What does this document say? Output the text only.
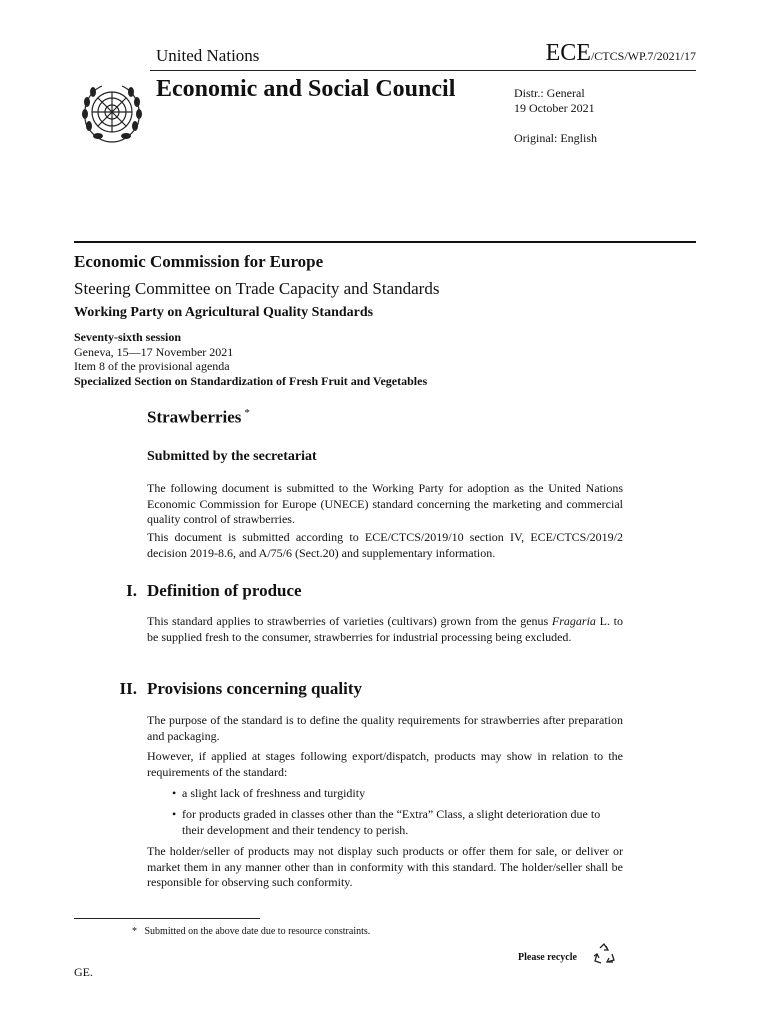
United Nations	ECE/CTCS/WP.7/2021/17
Economic and Social Council	Distr.: General
19 October 2021
Original: English
Economic Commission for Europe
Steering Committee on Trade Capacity and Standards
Working Party on Agricultural Quality Standards
Seventy-sixth session
Geneva, 15—17 November 2021
Item 8 of the provisional agenda
Specialized Section on Standardization of Fresh Fruit and Vegetables
Strawberries *
Submitted by the secretariat
The following document is submitted to the Working Party for adoption as the United Nations Economic Commission for Europe (UNECE) standard concerning the marketing and commercial quality control of strawberries.
This document is submitted according to ECE/CTCS/2019/10 section IV, ECE/CTCS/2019/2 decision 2019-8.6, and A/75/6 (Sect.20) and supplementary information.
I. Definition of produce
This standard applies to strawberries of varieties (cultivars) grown from the genus Fragaria L. to be supplied fresh to the consumer, strawberries for industrial processing being excluded.
II. Provisions concerning quality
The purpose of the standard is to define the quality requirements for strawberries after preparation and packaging.
However, if applied at stages following export/dispatch, products may show in relation to the requirements of the standard:
• a slight lack of freshness and turgidity
• for products graded in classes other than the “Extra” Class, a slight deterioration due to their development and their tendency to perish.
The holder/seller of products may not display such products or offer them for sale, or deliver or market them in any manner other than in conformity with this standard. The holder/seller shall be responsible for observing such conformity.
* Submitted on the above date due to resource constraints.
Please recycle
GE.
